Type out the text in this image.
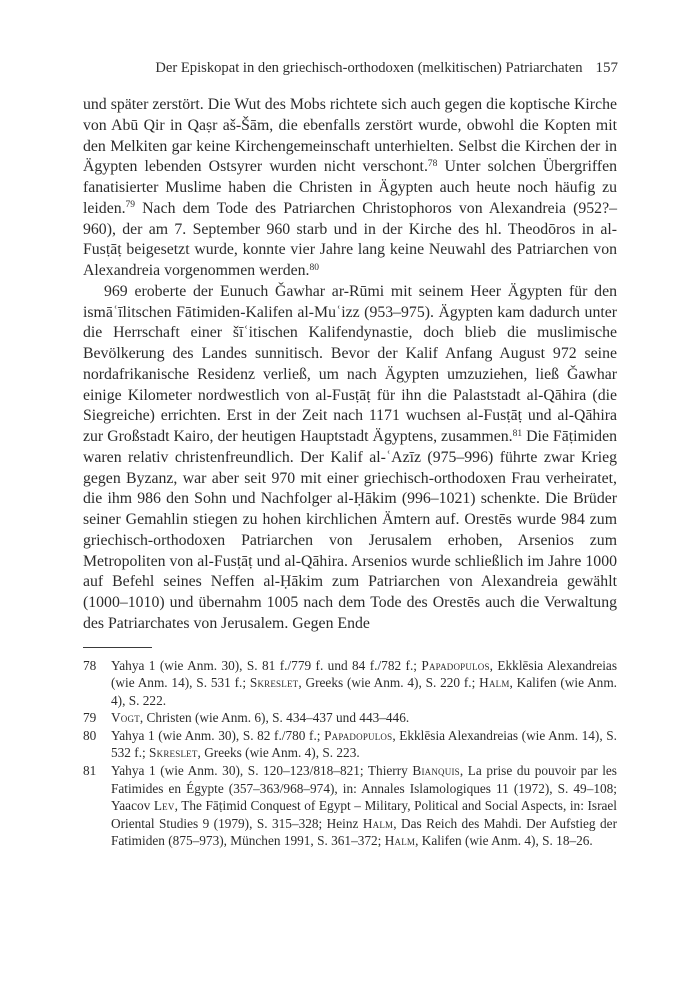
Der Episkopat in den griechisch-orthodoxen (melkitischen) Patriarchaten 157

und später zerstört. Die Wut des Mobs richtete sich auch gegen die koptische Kirche von Abū Qir in Qaṣr aš-Šām, die ebenfalls zerstört wurde, obwohl die Kopten mit den Melkiten gar keine Kirchengemeinschaft unterhielten. Selbst die Kirchen der in Ägypten lebenden Ostsyrer wurden nicht verschont.$^{78}$ Unter solchen Übergriffen fanatisierter Muslime haben die Christen in Ägypten auch heute noch häufig zu leiden.$^{79}$ Nach dem Tode des Patriarchen Christophoros von Alexandreia (952?–960), der am 7. September 960 starb und in der Kirche des hl. Theodōros in al-Fusṭāṭ beigesetzt wurde, konnte vier Jahre lang keine Neuwahl des Patriarchen von Alexandreia vorgenommen werden.$^{80}$

969 eroberte der Eunuch Ǧawhar ar-Rūmi mit seinem Heer Ägypten für den ismāʿīlitschen Fātimiden-Kalifen al-Muʿizz (953–975). Ägypten kam dadurch unter die Herrschaft einer šīʿitischen Kalifendynastie, doch blieb die muslimische Bevölkerung des Landes sunnitisch. Bevor der Kalif Anfang August 972 seine nordafrikanische Residenz verließ, um nach Ägypten umzuziehen, ließ Ǧawhar einige Kilometer nordwestlich von al-Fusṭāṭ für ihn die Palaststadt al-Qāhira (die Siegreiche) errichten. Erst in der Zeit nach 1171 wuchsen al-Fusṭāṭ und al-Qāhira zur Großstadt Kairo, der heutigen Hauptstadt Ägyptens, zusammen.$^{81}$ Die Fāṭimiden waren relativ christenfreundlich. Der Kalif al-ʿAzīz (975–996) führte zwar Krieg gegen Byzanz, war aber seit 970 mit einer griechisch-orthodoxen Frau verheiratet, die ihm 986 den Sohn und Nachfolger al-Ḥākim (996–1021) schenkte. Die Brüder seiner Gemahlin stiegen zu hohen kirchlichen Ämtern auf. Orestēs wurde 984 zum griechisch-orthodoxen Patriarchen von Jerusalem erhoben, Arsenios zum Metropoliten von al-Fusṭāṭ und al-Qāhira. Arsenios wurde schließlich im Jahre 1000 auf Befehl seines Neffen al-Ḥākim zum Patriarchen von Alexandreia gewählt (1000–1010) und übernahm 1005 nach dem Tode des Orestēs auch die Verwaltung des Patriarchates von Jerusalem. Gegen Ende

78 Yahya 1 (wie Anm. 30), S. 81 f./779 f. und 84 f./782 f.; Papadopulos, Ekklēsia Alexandreias (wie Anm. 14), S. 531 f.; Skreslet, Greeks (wie Anm. 4), S. 220 f.; Halm, Kalifen (wie Anm. 4), S. 222.
79 Vogt, Christen (wie Anm. 6), S. 434–437 und 443–446.
80 Yahya 1 (wie Anm. 30), S. 82 f./780 f.; Papadopulos, Ekklēsia Alexandreias (wie Anm. 14), S. 532 f.; Skreslet, Greeks (wie Anm. 4), S. 223.
81 Yahya 1 (wie Anm. 30), S. 120–123/818–821; Thierry Bianquis, La prise du pouvoir par les Fatimides en Égypte (357–363/968–974), in: Annales Islamologiques 11 (1972), S. 49–108; Yaacov Lev, The Fāṭimid Conquest of Egypt – Military, Political and Social Aspects, in: Israel Oriental Studies 9 (1979), S. 315–328; Heinz Halm, Das Reich des Mahdi. Der Aufstieg der Fatimiden (875–973), München 1991, S. 361–372; Halm, Kalifen (wie Anm. 4), S. 18–26.
